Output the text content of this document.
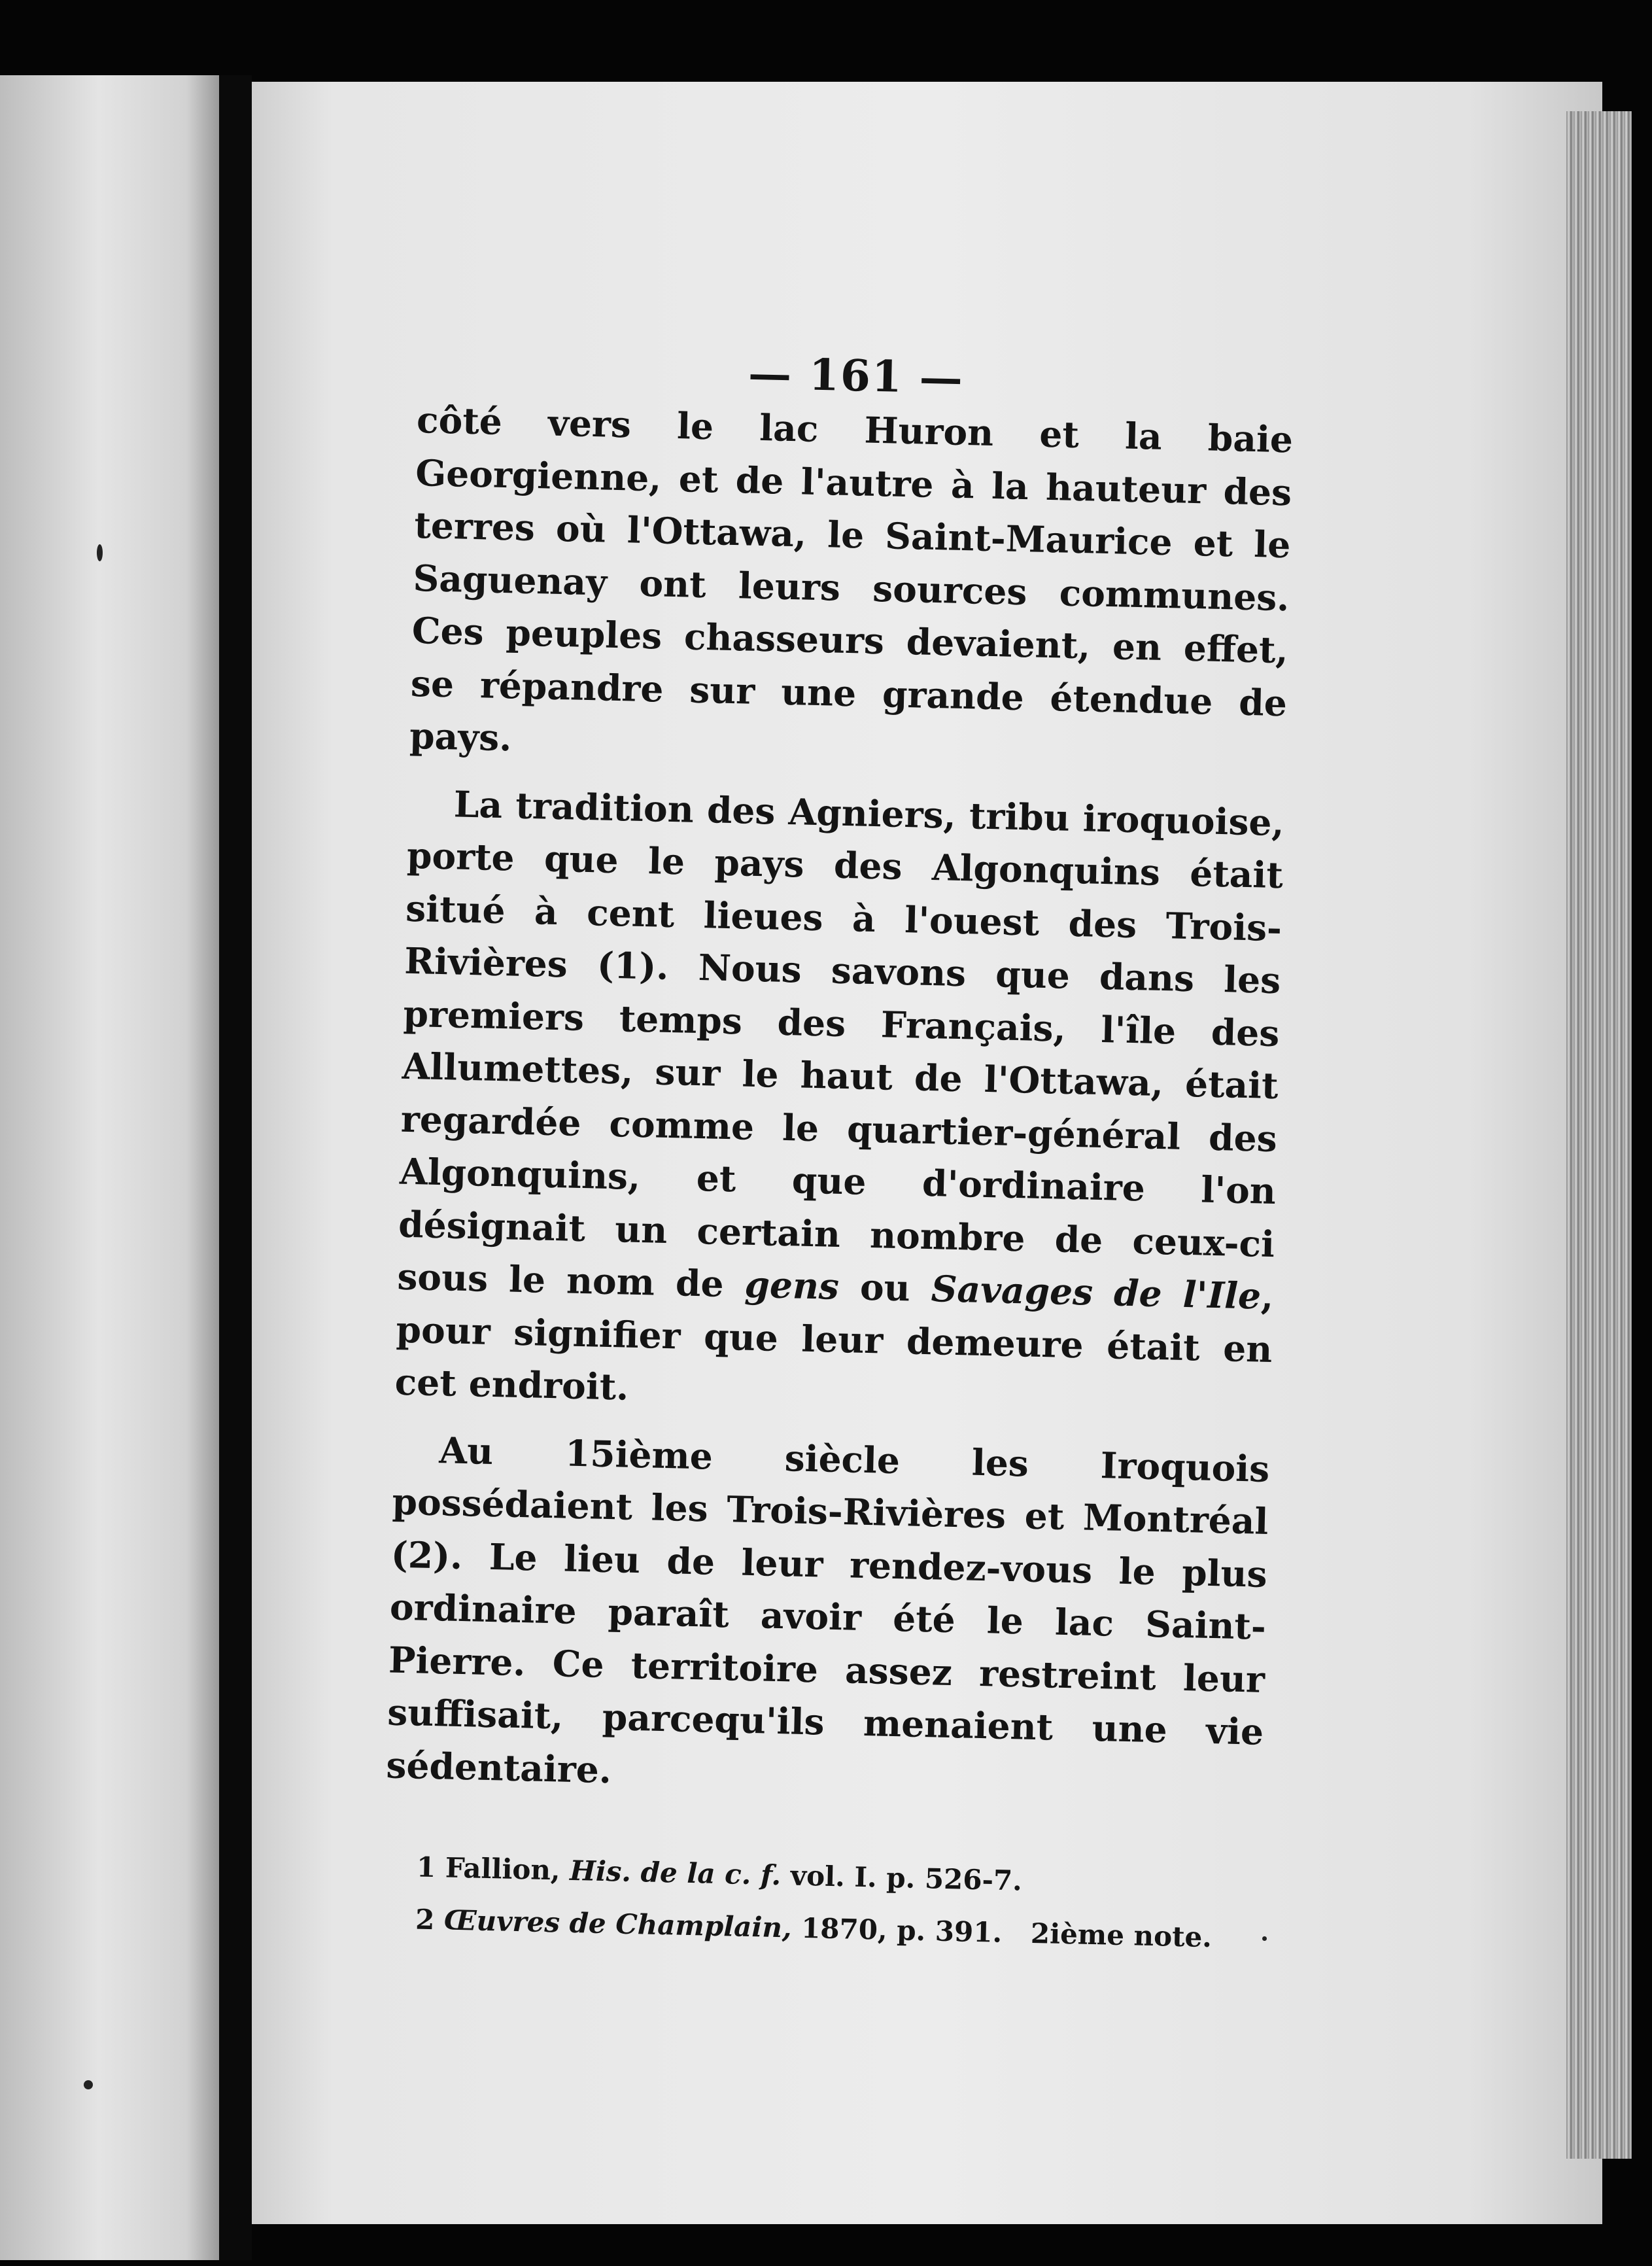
— 161 —

côté vers le lac Huron et la baie Georgienne, et de l'autre à la hauteur des terres où l'Ottawa, le Saint-Maurice et le Saguenay ont leurs sources communes. Ces peuples chasseurs devaient, en effet, se répandre sur une grande étendue de pays.

La tradition des Agniers, tribu iroquoise, porte que le pays des Algonquins était situé à cent lieues à l'ouest des Trois-Rivières (1). Nous savons que dans les premiers temps des Français, l'île des Allumettes, sur le haut de l'Ottawa, était regardée comme le quartier-général des Algonquins, et que d'ordinaire l'on désignait un certain nombre de ceux-ci sous le nom de gens ou Savages de l'Ile, pour signifier que leur demeure était en cet endroit.

Au 15ième siècle les Iroquois possédaient les Trois-Rivières et Montréal (2). Le lieu de leur rendez-vous le plus ordinaire paraît avoir été le lac Saint-Pierre. Ce territoire assez restreint leur suffisait, parcequ'ils menaient une vie sédentaire.

1 Fallion, His. de la c. f. vol. I. p. 526-7.

2 Œuvres de Champlain, 1870, p. 391.   2ième note.
